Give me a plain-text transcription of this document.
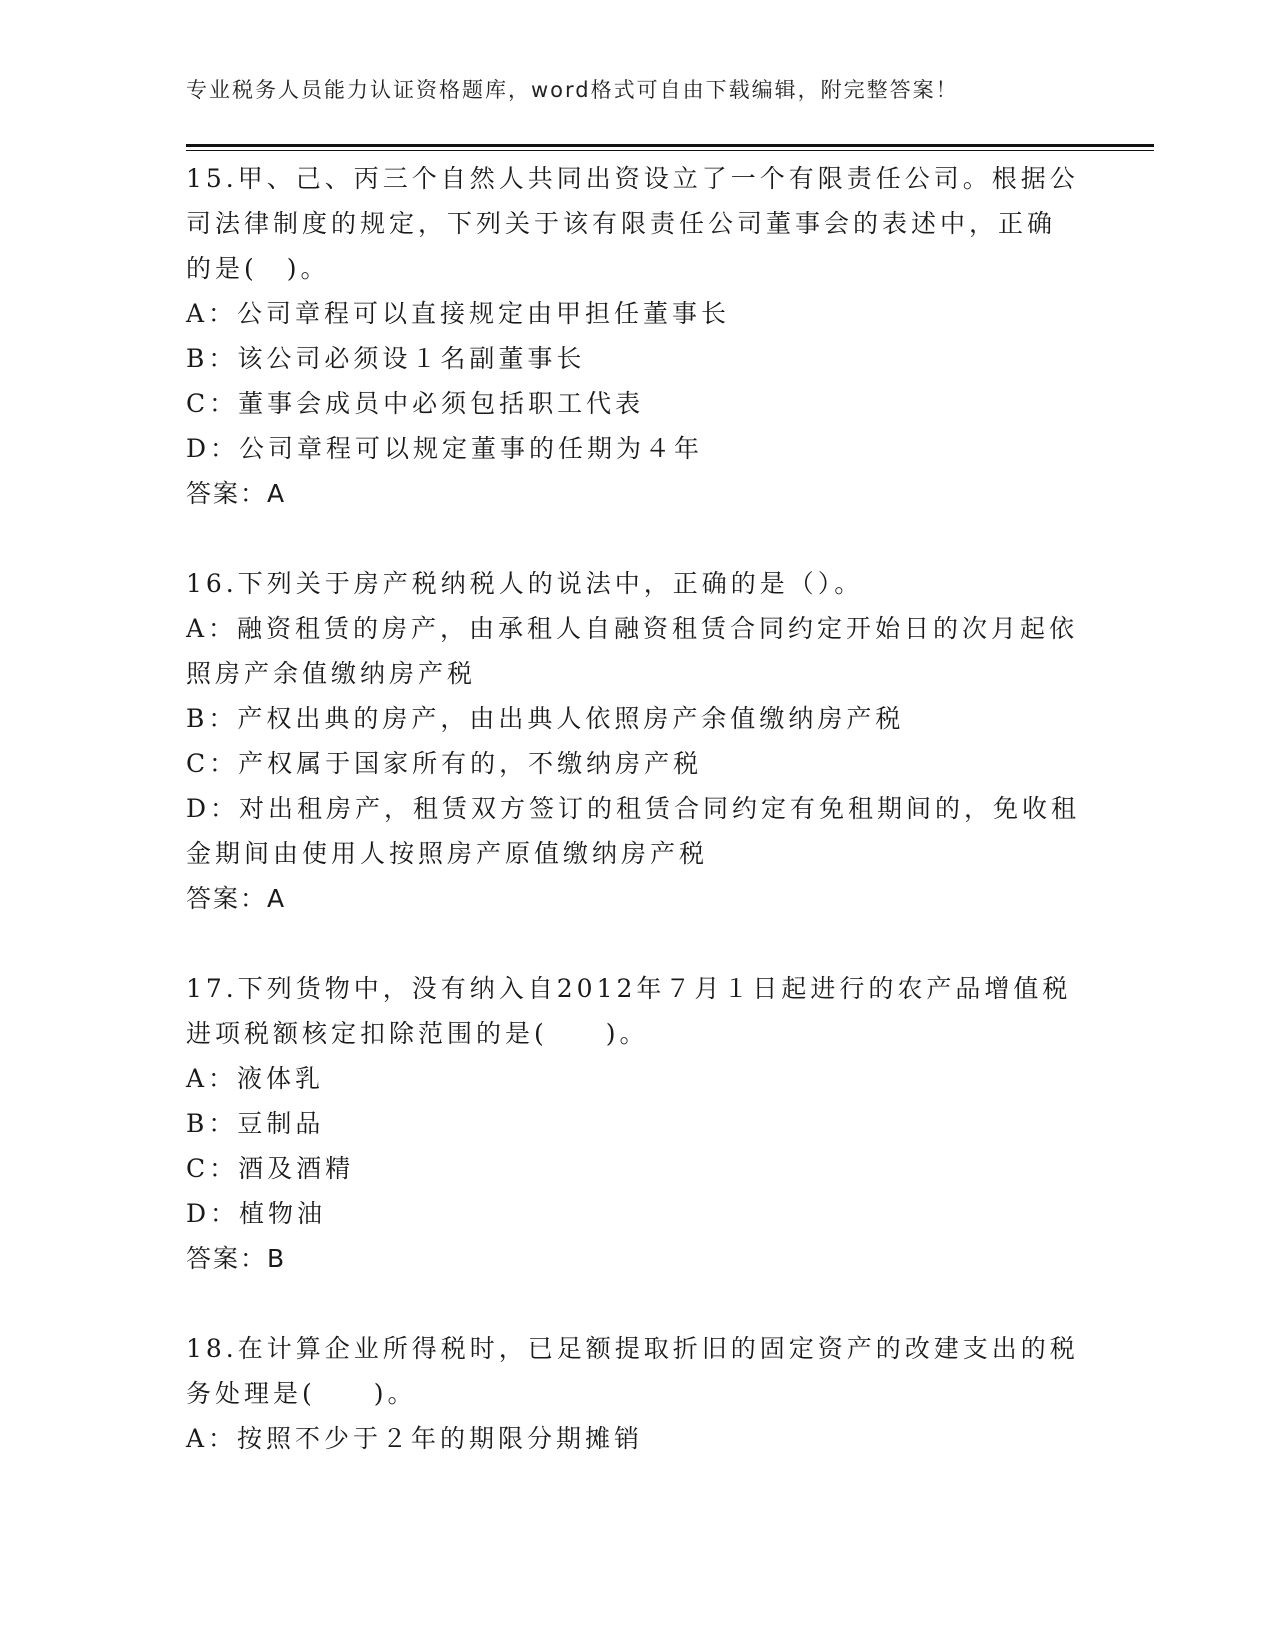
专业税务人员能力认证资格题库，word格式可自由下载编辑，附完整答案！

15.甲、己、丙三个自然人共同出资设立了一个有限责任公司。根据公

司法律制度的规定，下列关于该有限责任公司董事会的表述中，正确

的是(　)。

A：公司章程可以直接规定由甲担任董事长

B：该公司必须设１名副董事长

C：董事会成员中必须包括职工代表

D：公司章程可以规定董事的任期为４年

答案：A

16.下列关于房产税纳税人的说法中，正确的是（）。

A：融资租赁的房产，由承租人自融资租赁合同约定开始日的次月起依

照房产余值缴纳房产税

B：产权出典的房产，由出典人依照房产余值缴纳房产税

C：产权属于国家所有的，不缴纳房产税

D：对出租房产，租赁双方签订的租赁合同约定有免租期间的，免收租

金期间由使用人按照房产原值缴纳房产税

答案：A

17.下列货物中，没有纳入自2012年７月１日起进行的农产品增值税

进项税额核定扣除范围的是(　　)。

A：液体乳

B：豆制品

C：酒及酒精

D：植物油

答案：B

18.在计算企业所得税时，已足额提取折旧的固定资产的改建支出的税

务处理是(　　)。

A：按照不少于２年的期限分期摊销
